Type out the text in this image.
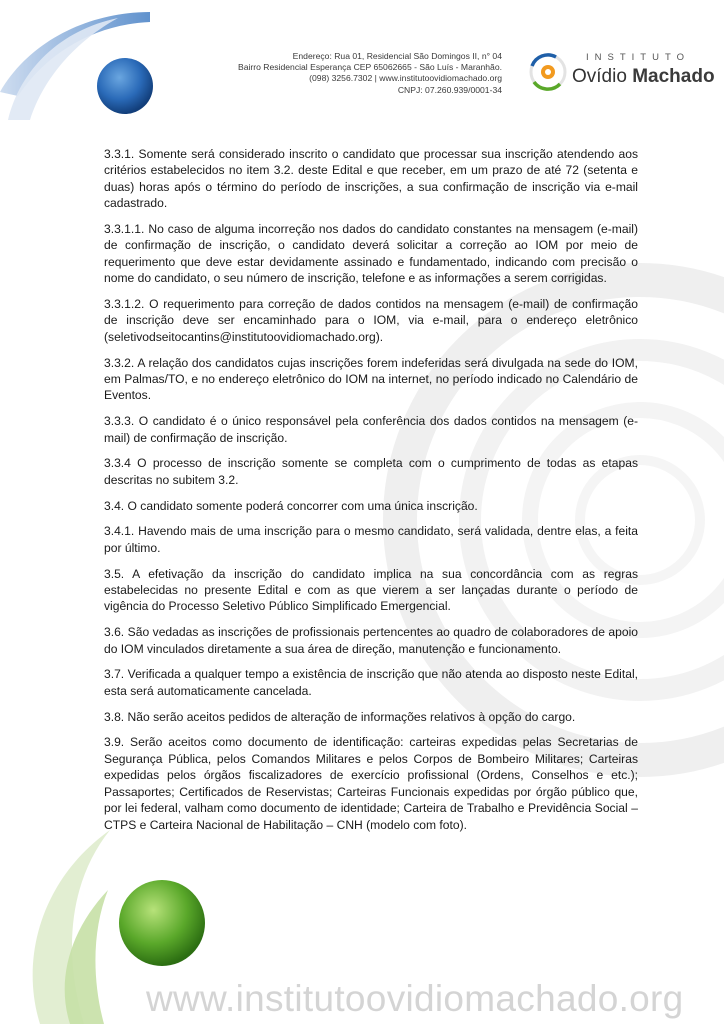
Endereço: Rua 01, Residencial São Domingos II, n° 04
Bairro Residencial Esperança CEP 65062665 - São Luís - Maranhão.
(098) 3256.7302 | www.institutoovidiomachado.org
CNPJ: 07.260.939/0001-34
INSTITUTO
Ovídio Machado

3.3.1. Somente será considerado inscrito o candidato que processar sua inscrição atendendo aos critérios estabelecidos no item 3.2. deste Edital e que receber, em um prazo de até 72 (setenta e duas) horas após o término do período de inscrições, a sua confirmação de inscrição via e-mail cadastrado.

3.3.1.1. No caso de alguma incorreção nos dados do candidato constantes na mensagem (e-mail) de confirmação de inscrição, o candidato deverá solicitar a correção ao IOM por meio de requerimento que deve estar devidamente assinado e fundamentado, indicando com precisão o nome do candidato, o seu número de inscrição, telefone e as informações a serem corrigidas.

3.3.1.2. O requerimento para correção de dados contidos na mensagem (e-mail) de confirmação de inscrição deve ser encaminhado para o IOM, via e-mail, para o endereço eletrônico (seletivodseitocantins@institutoovidiomachado.org).

3.3.2. A relação dos candidatos cujas inscrições forem indeferidas será divulgada na sede do IOM, em Palmas/TO, e no endereço eletrônico do IOM na internet, no período indicado no Calendário de Eventos.

3.3.3. O candidato é o único responsável pela conferência dos dados contidos na mensagem (e-mail) de confirmação de inscrição.

3.3.4 O processo de inscrição somente se completa com o cumprimento de todas as etapas descritas no subitem 3.2.

3.4. O candidato somente poderá concorrer com uma única inscrição.

3.4.1. Havendo mais de uma inscrição para o mesmo candidato, será validada, dentre elas, a feita por último.

3.5. A efetivação da inscrição do candidato implica na sua concordância com as regras estabelecidas no presente Edital e com as que vierem a ser lançadas durante o período de vigência do Processo Seletivo Público Simplificado Emergencial.

3.6. São vedadas as inscrições de profissionais pertencentes ao quadro de colaboradores de apoio do IOM vinculados diretamente a sua área de direção, manutenção e funcionamento.

3.7. Verificada a qualquer tempo a existência de inscrição que não atenda ao disposto neste Edital, esta será automaticamente cancelada.

3.8. Não serão aceitos pedidos de alteração de informações relativos à opção do cargo.

3.9. Serão aceitos como documento de identificação: carteiras expedidas pelas Secretarias de Segurança Pública, pelos Comandos Militares e pelos Corpos de Bombeiro Militares; Carteiras expedidas pelos órgãos fiscalizadores de exercício profissional (Ordens, Conselhos e etc.); Passaportes; Certificados de Reservistas; Carteiras Funcionais expedidas por órgão público que, por lei federal, valham como documento de identidade; Carteira de Trabalho e Previdência Social – CTPS e Carteira Nacional de Habilitação – CNH (modelo com foto).

www.institutoovidiomachado.org
